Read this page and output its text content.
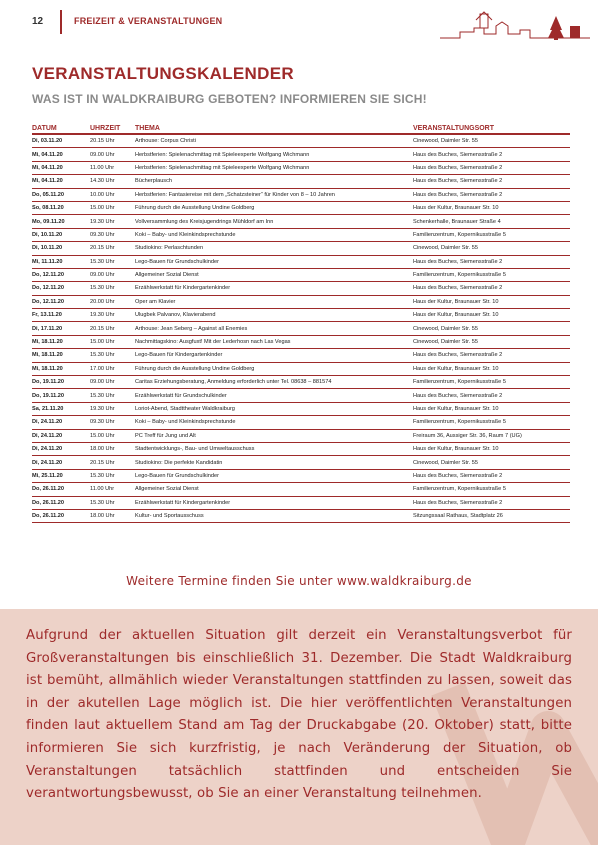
12	FREIZEIT & VERANSTALTUNGEN
VERANSTALTUNGSKALENDER
WAS IST IN WALDKRAIBURG GEBOTEN? INFORMIEREN SIE SICH!
DATUM	UHRZEIT	THEMA	VERANSTALTUNGSORT
Di, 03.11.20	20.15 Uhr	Arthouse: Corpus Christi	Cinewood, Daimler Str. 55
Mi, 04.11.20	09.00 Uhr	Herbstferien: Spielenachmittag mit Spieleexperte Wolfgang Wichmann	Haus des Buches, Siemensstraße 2
Mi, 04.11.20	11.00 Uhr	Herbstferien: Spielenachmittag mit Spieleexperte Wolfgang Wichmann	Haus des Buches, Siemensstraße 2
Mi, 04.11.20	14.30 Uhr	Bücherplausch	Haus des Buches, Siemensstraße 2
Do, 05.11.20	10.00 Uhr	Herbstferien: Fantasiereise mit dem „Schatzsteiner“ für Kinder von 8 – 10 Jahren	Haus des Buches, Siemensstraße 2
So, 08.11.20	15.00 Uhr	Führung durch die Ausstellung Undine Goldberg	Haus der Kultur, Braunauer Str. 10
Mo, 09.11.20	19.30 Uhr	Vollversammlung des Kreisjugendrings Mühldorf am Inn	Schenkerhalle, Braunauer Straße 4
Di, 10.11.20	09.30 Uhr	Koki – Baby- und Kleinkindsprechstunde	Familienzentrum, Kopernikusstraße 5
Di, 10.11.20	20.15 Uhr	Studiokino: Perlaschtunden	Cinewood, Daimler Str. 55
Mi, 11.11.20	15.30 Uhr	Lego-Bauen für Grundschulkinder	Haus des Buches, Siemensstraße 2
Do, 12.11.20	09.00 Uhr	Allgemeiner Sozial Dienst	Familienzentrum, Kopernikusstraße 5
Do, 12.11.20	15.30 Uhr	Erzählwerkstatt für Kindergartenkinder	Haus des Buches, Siemensstraße 2
Do, 12.11.20	20.00 Uhr	Oper am Klavier	Haus der Kultur, Braunauer Str. 10
Fr, 13.11.20	19.30 Uhr	Ulugbek Palvanov, Klavierabend	Haus der Kultur, Braunauer Str. 10
Di, 17.11.20	20.15 Uhr	Arthouse: Jean Seberg – Against all Enemies	Cinewood, Daimler Str. 55
Mi, 18.11.20	15.00 Uhr	Nachmittagskino: Ausgfuxt! Mit der Lederhosn nach Las Vegas	Cinewood, Daimler Str. 55
Mi, 18.11.20	15.30 Uhr	Lego-Bauen für Kindergartenkinder	Haus des Buches, Siemensstraße 2
Mi, 18.11.20	17.00 Uhr	Führung durch die Ausstellung Undine Goldberg	Haus der Kultur, Braunauer Str. 10
Do, 19.11.20	09.00 Uhr	Caritas Erziehungsberatung, Anmeldung erforderlich unter Tel. 08638 – 881574	Familienzentrum, Kopernikusstraße 5
Do, 19.11.20	15.30 Uhr	Erzählwerkstatt für Grundschulkinder	Haus des Buches, Siemensstraße 2
Sa, 21.11.20	19.30 Uhr	Loriot-Abend, Stadttheater Waldkraiburg	Haus der Kultur, Braunauer Str. 10
Di, 24.11.20	09.30 Uhr	Koki – Baby- und Kleinkindsprechstunde	Familienzentrum, Kopernikusstraße 5
Di, 24.11.20	15.00 Uhr	PC Treff für Jung und Alt	Freiraum 36, Aussiger Str. 36, Raum 7 (UG)
Di, 24.11.20	18.00 Uhr	Stadtentwicklungs-, Bau- und Umweltausschuss	Haus der Kultur, Braunauer Str. 10
Di, 24.11.20	20.15 Uhr	Studiokino: Die perfekte Kandidatin	Cinewood, Daimler Str. 55
Mi, 25.11.20	15.30 Uhr	Lego-Bauen für Grundschulkinder	Haus des Buches, Siemensstraße 2
Do, 26.11.20	11.00 Uhr	Allgemeiner Sozial Dienst	Familienzentrum, Kopernikusstraße 5
Do, 26.11.20	15.30 Uhr	Erzählwerkstatt für Kindergartenkinder	Haus des Buches, Siemensstraße 2
Do, 26.11.20	18.00 Uhr	Kultur- und Sportausschuss	Sitzungssaal Rathaus, Stadtplatz 26
Weitere Termine finden Sie unter www.waldkraiburg.de
Aufgrund der aktuellen Situation gilt derzeit ein Veranstaltungsverbot für Großveranstaltungen bis einschließlich 31. Dezember. Die Stadt Waldkraiburg ist bemüht, allmählich wieder Veranstaltungen stattfinden zu lassen, soweit das in der akutellen Lage möglich ist. Die hier veröffentlichten Veranstaltungen finden laut aktuellem Stand am Tag der Druckabgabe (20. Oktober) statt, bitte informieren Sie sich kurzfristig, je nach Veränderung der Situation, ob Veranstaltungen tatsächlich stattfinden und entscheiden Sie verantwortungsbewusst, ob Sie an einer Veranstaltung teilnehmen.
